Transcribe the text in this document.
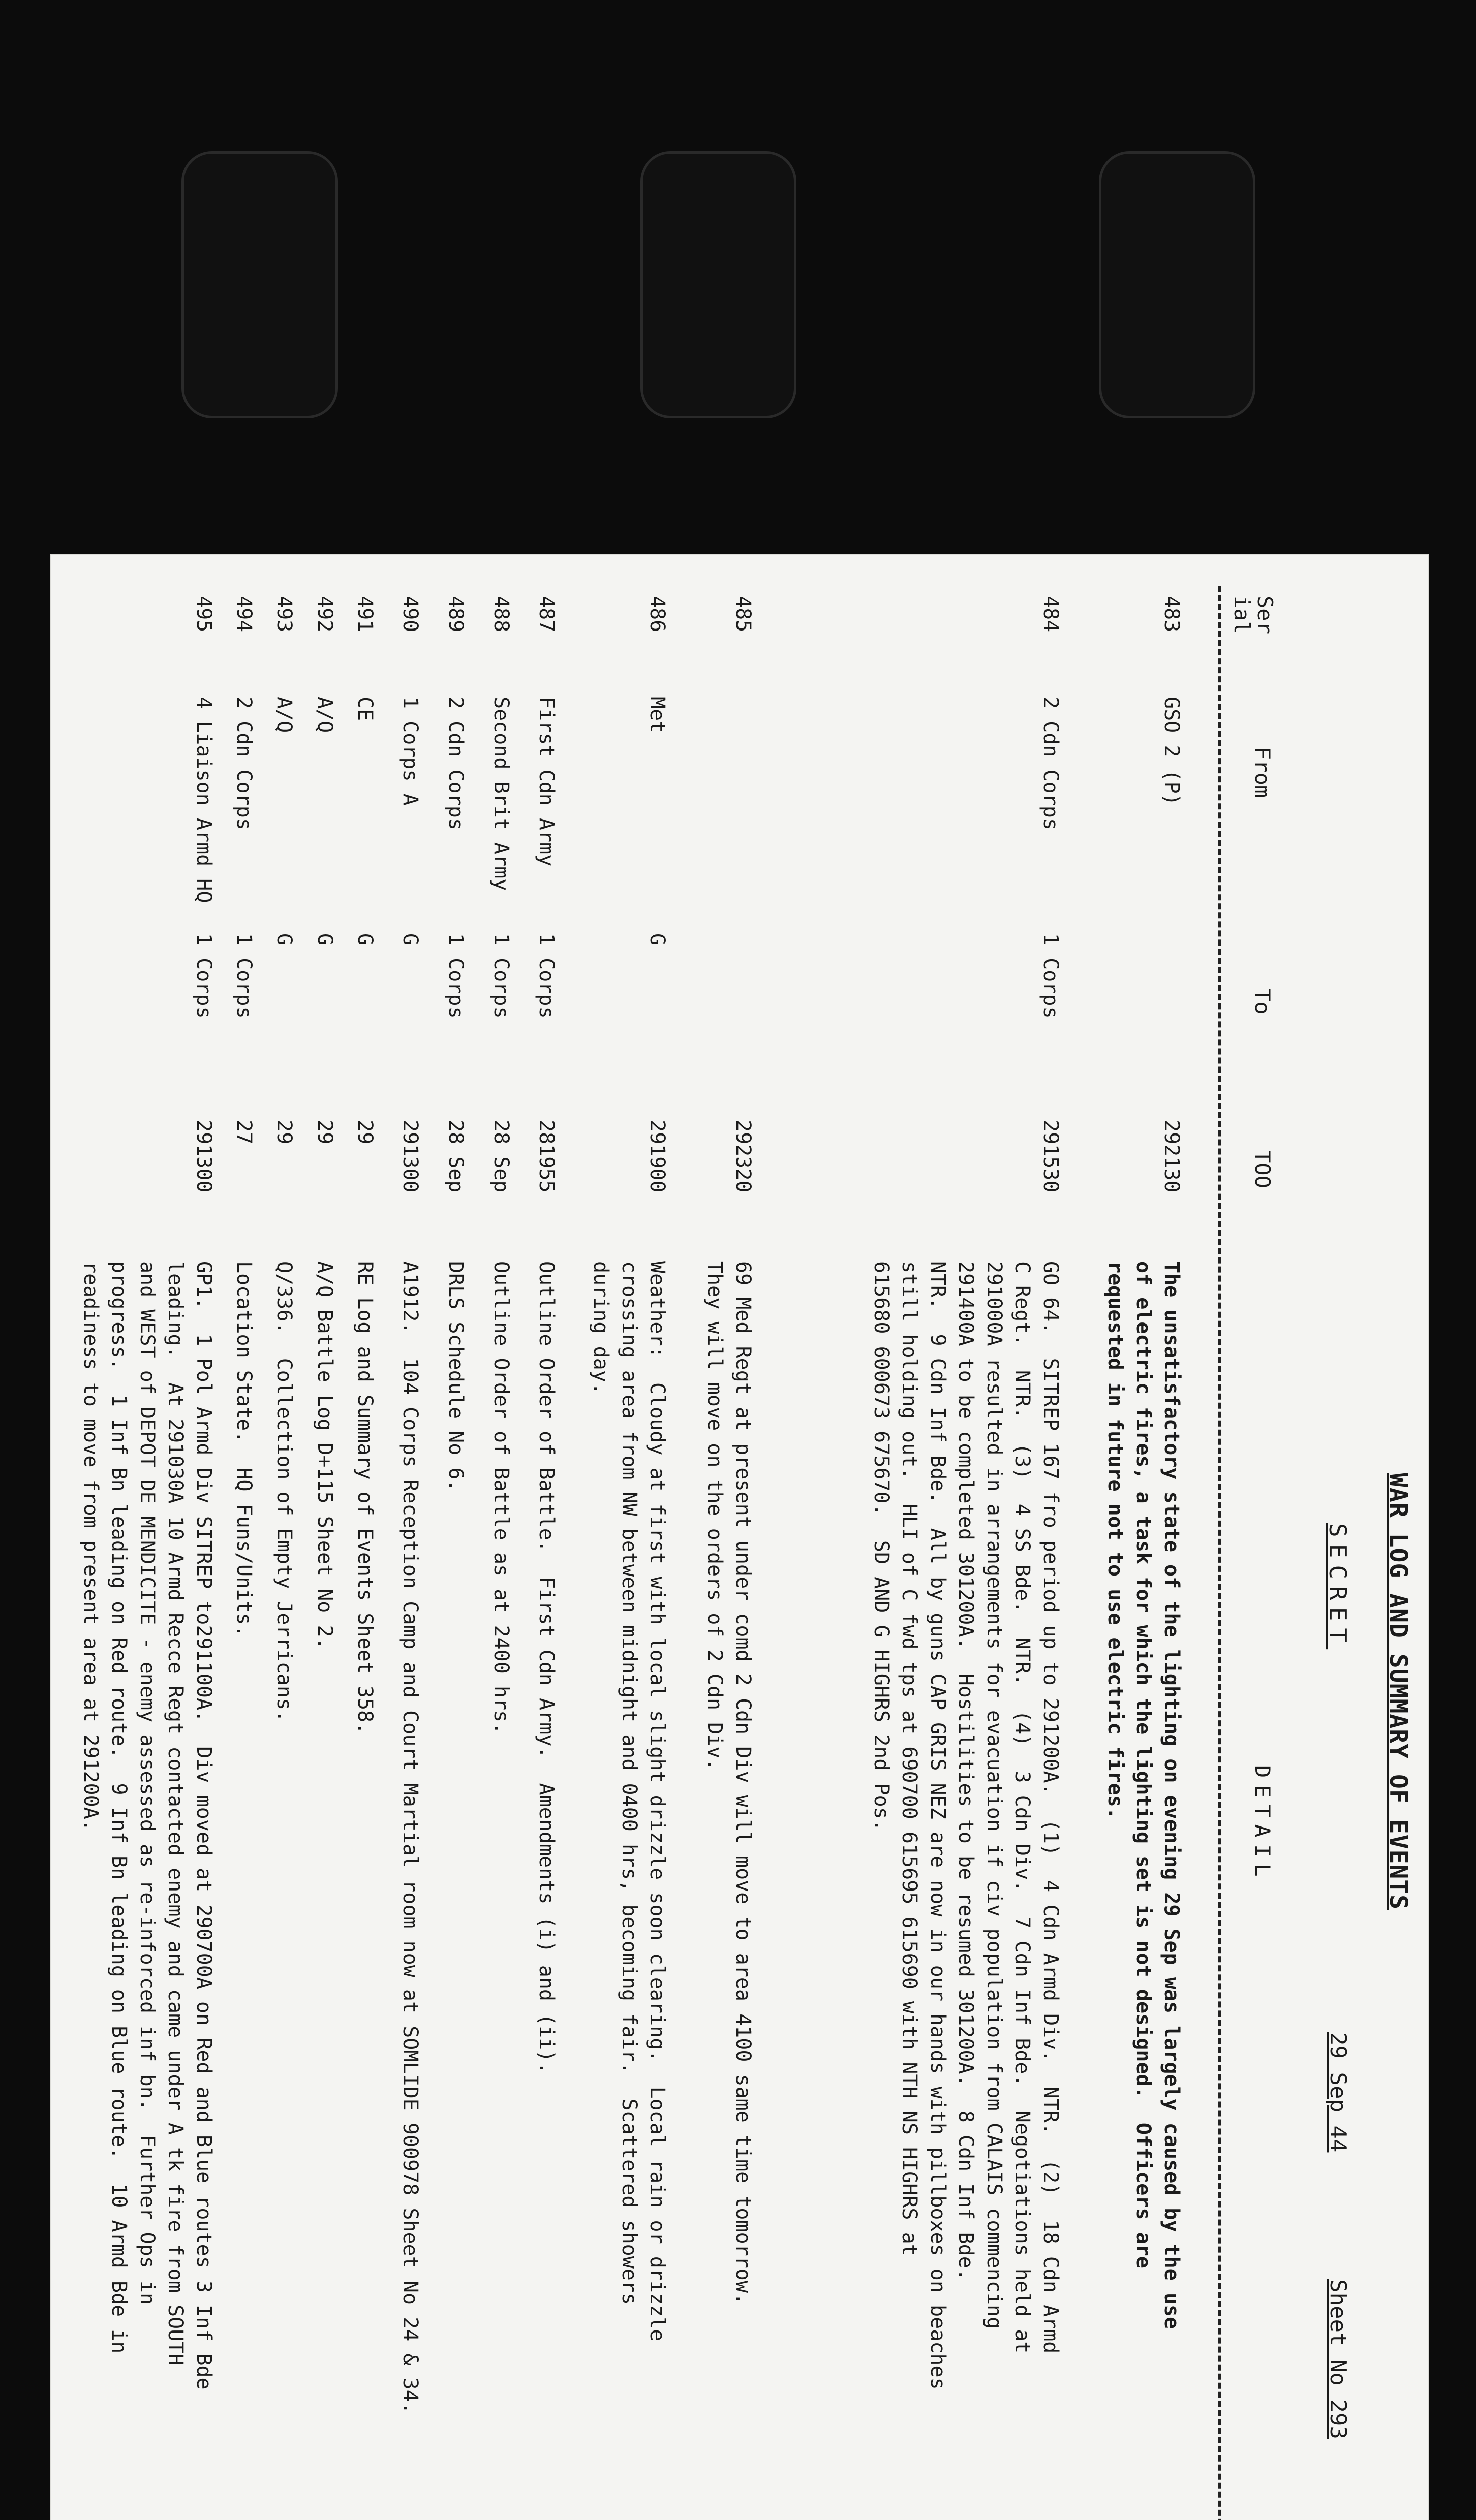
WAR LOG AND SUMMARY OF EVENTS
SECRET
29 Sep 44
Sheet No 293
Ser ial
From
To
TOO
DETAIL
483
GSO 2 (P)
292130
The unsatisfactory state of the lighting on evening 29 Sep was largely caused by the use
of electric fires, a task for which the lighting set is not designed.  Officers are
requested in future not to use electric fires.
484
2 Cdn Corps
1 Corps
291530
GO 64.  SITREP 167 fro period up to 291200A.  (1)  4 Cdn Armd Div.  NTR.  (2)  18 Cdn Armd
C Regt.  NTR.  (3)  4 SS Bde.  NTR.  (4)  3 Cdn Div.  7 Cdn Inf Bde.  Negotiations held at
291000A resulted in arrangements for evacuation if civ population from CALAIS commencing
291400A to be completed 301200A.  Hostilities to be resumed 301200A.  8 Cdn Inf Bde.
NTR.  9 Cdn Inf Bde.  All by guns CAP GRIS NEZ are now in our hands with pillboxes on beaches
still holding out.  HLI of C fwd tps at 690700 615695 615690 with NTH NS HIGHRS at
615680 600673 675670.  SD AND G HIGHRS 2nd Pos.
485
292320
69 Med Regt at present under comd 2 Cdn Div will move to area 4100 same time tomorrow.
They will move on the orders of 2 Cdn Div.
486
Met
G
291900
Weather:  Cloudy at first with local slight drizzle soon clearing.  Local rain or drizzle
crossing area from NW between midnight and 0400 hrs, becoming fair.  Scattered showers
during day.
487
First Cdn Army
1 Corps
281955
Outline Order of Battle.  First Cdn Army.  Amendments (i) and (ii).
488
Second Brit Army
1 Corps
28 Sep
Outline Order of Battle as at 2400 hrs.
489
2 Cdn Corps
1 Corps
28 Sep
DRLS Schedule No 6.
490
1 Corps A
G
291300
A1912.  104 Corps Reception Camp and Court Martial room now at SOMLIDE 900978 Sheet No 24 & 34.
491
CE
G
29
RE Log and Summary of Events Sheet 358.
492
A/Q
G
29
A/Q Battle Log D+115 Sheet No 2.
493
A/Q
G
29
Q/336.  Collection of Empty Jerricans.
494
2 Cdn Corps
1 Corps
27
Location State.  HQ Funs/Units.
495
4 Liaison Armd HQ
1 Corps
291300
GP1.  1 Pol Armd Div SITREP to291100A.  Div moved at 290700A on Red and Blue routes 3 Inf Bde
leading.  At 291030A 10 Armd Recce Regt contacted enemy and came under A tk fire from SOUTH
and WEST of DEPOT DE MENDICITE - enemy assessed as re-inforced inf bn.  Further Ops in
progress.  1 Inf Bn leading on Red route.  9 Inf Bn leading on Blue route.  10 Armd Bde in
readiness to move from present area at 291200A.
